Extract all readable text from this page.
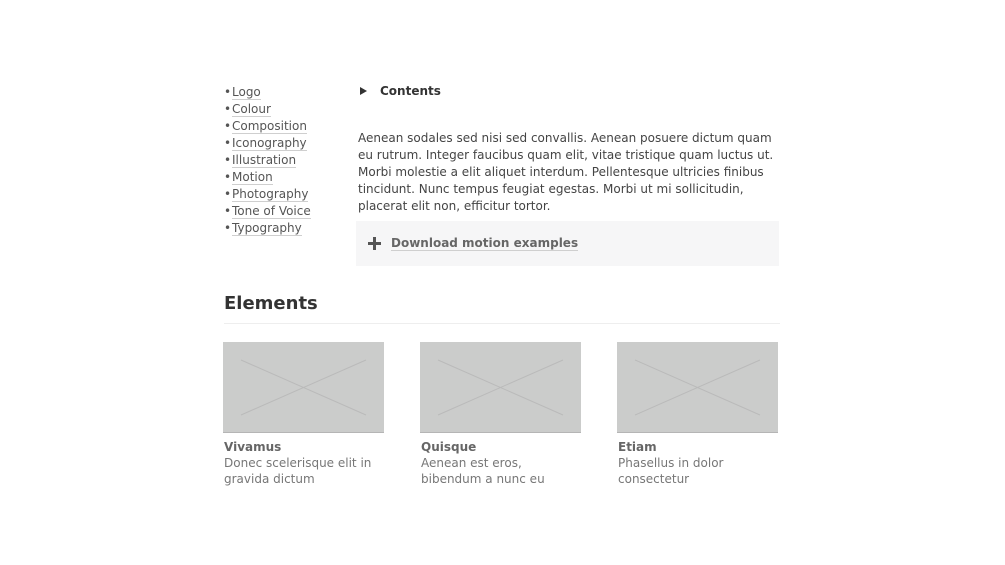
•Logo
•Colour
•Composition
•Iconography
•Illustration
•Motion
•Photography
•Tone of Voice
•Typography
Contents

Aenean sodales sed nisi sed convallis. Aenean posuere dictum quam eu rutrum. Integer faucibus quam elit, vitae tristique quam luctus ut. Morbi molestie a elit aliquet interdum. Pellentesque ultricies finibus tincidunt. Nunc tempus feugiat egestas. Morbi ut mi sollicitudin, placerat elit non, efficitur tortor.

Download motion examples
Elements
Vivamus
Donec scelerisque elit in gravida dictum
Quisque
Aenean est eros, bibendum a nunc eu
Etiam
Phasellus in dolor consectetur
